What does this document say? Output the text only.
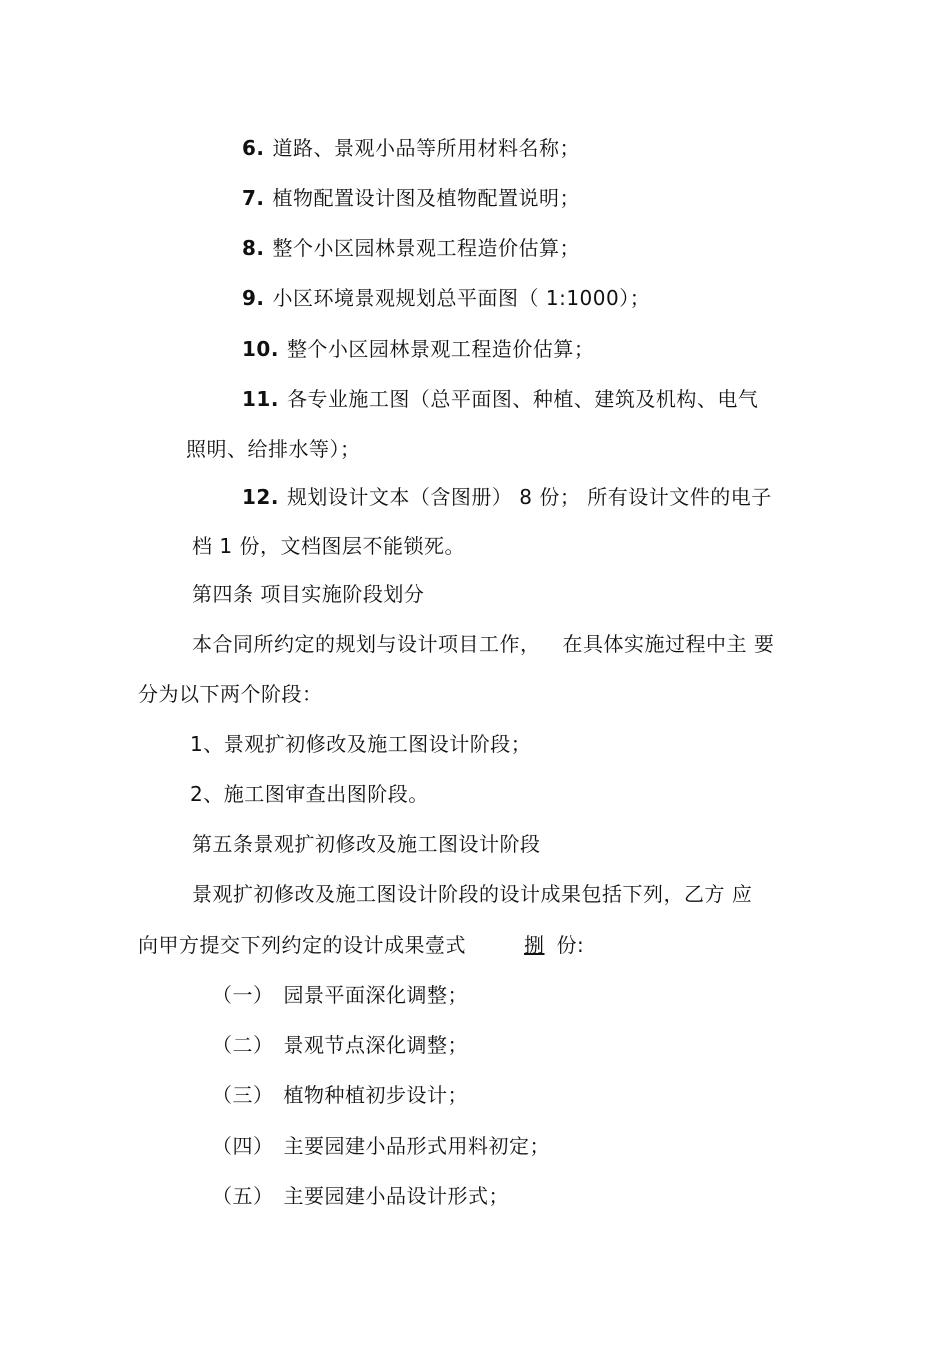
6. 道路、景观小品等所用材料名称；
7. 植物配置设计图及植物配置说明；
8. 整个小区园林景观工程造价估算；
9. 小区环境景观规划总平面图（ 1:1000）；
10. 整个小区园林景观工程造价估算；
11. 各专业施工图（总平面图、种植、建筑及机构、电气
照明、给排水等）；
12. 规划设计文本（含图册） 8 份； 所有设计文件的电子
档 1 份，文档图层不能锁死。
第四条 项目实施阶段划分
本合同所约定的规划与设计项目工作， 在具体实施过程中主 要
分为以下两个阶段：
1、景观扩初修改及施工图设计阶段；
2、施工图审查出图阶段。
第五条景观扩初修改及施工图设计阶段
景观扩初修改及施工图设计阶段的设计成果包括下列，乙方 应
向甲方提交下列约定的设计成果壹式	捌 份:
（一） 园景平面深化调整；
（二） 景观节点深化调整；
（三） 植物种植初步设计；
（四） 主要园建小品形式用料初定；
（五） 主要园建小品设计形式；
